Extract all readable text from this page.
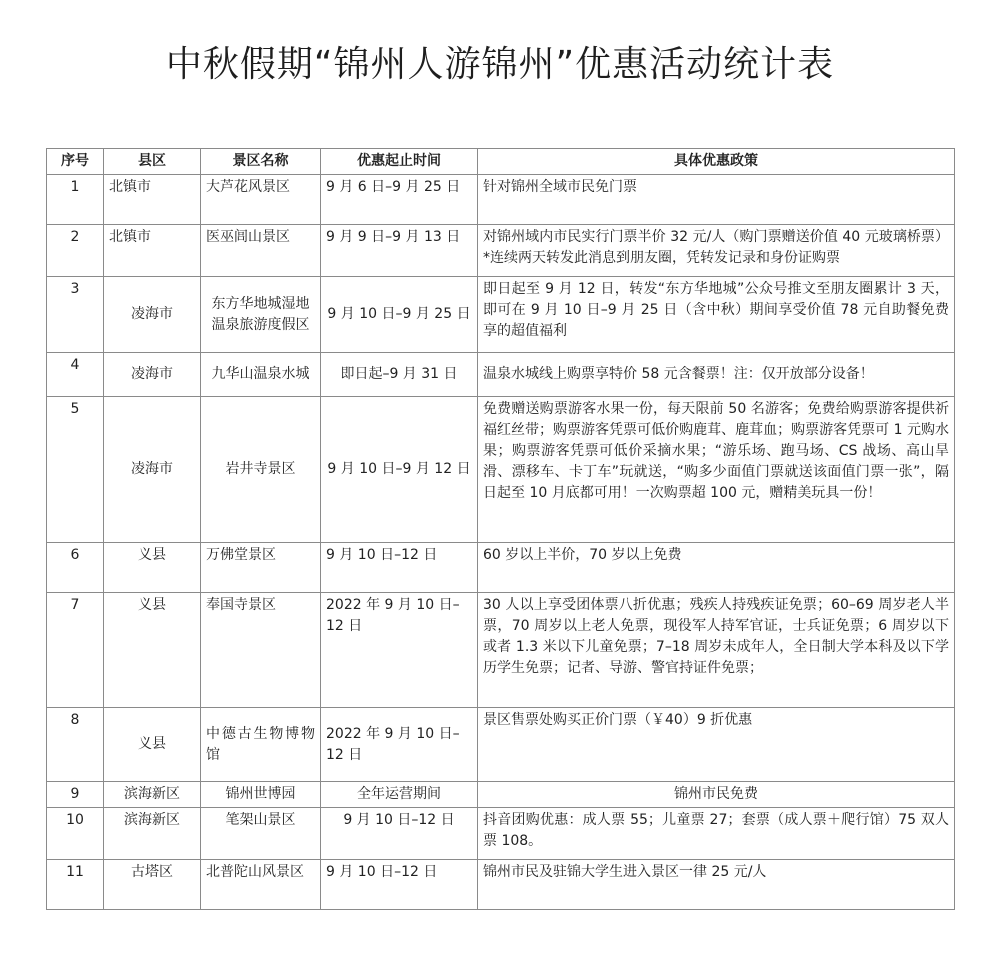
中秋假期“锦州人游锦州”优惠活动统计表
序号	县区	景区名称	优惠起止时间	具体优惠政策
1	北镇市	大芦花风景区	9 月 6 日–9 月 25 日	针对锦州全域市民免门票
2	北镇市	医巫闾山景区	9 月 9 日–9 月 13 日	对锦州域内市民实行门票半价 32 元/人（购门票赠送价值 40 元玻璃桥票）*连续两天转发此消息到朋友圈，凭转发记录和身份证购票
3	凌海市	东方华地城湿地温泉旅游度假区	9 月 10 日–9 月 25 日	即日起至 9 月 12 日，转发“东方华地城”公众号推文至朋友圈累计 3 天，即可在 9 月 10 日–9 月 25 日（含中秋）期间享受价值 78 元自助餐免费享的超值福利
4	凌海市	九华山温泉水城	即日起–9 月 31 日	温泉水城线上购票享特价 58 元含餐票！注：仅开放部分设备！
5	凌海市	岩井寺景区	9 月 10 日–9 月 12 日	免费赠送购票游客水果一份，每天限前 50 名游客；免费给购票游客提供祈福红丝带；购票游客凭票可低价购鹿茸、鹿茸血；购票游客凭票可 1 元购水果；购票游客凭票可低价采摘水果；“游乐场、跑马场、CS 战场、高山旱滑、漂移车、卡丁车”玩就送，“购多少面值门票就送该面值门票一张”，隔日起至 10 月底都可用！一次购票超 100 元，赠精美玩具一份！
6	义县	万佛堂景区	9 月 10 日–12 日	60 岁以上半价，70 岁以上免费
7	义县	奉国寺景区	2022 年 9 月 10 日–12 日	30 人以上享受团体票八折优惠；残疾人持残疾证免票；60–69 周岁老人半票，70 周岁以上老人免票，现役军人持军官证，士兵证免票；6 周岁以下或者 1.3 米以下儿童免票；7–18 周岁未成年人，全日制大学本科及以下学历学生免票；记者、导游、警官持证件免票；
8	义县	中德古生物博物馆	2022 年 9 月 10 日–12 日	景区售票处购买正价门票（￥40）9 折优惠
9	滨海新区	锦州世博园	全年运营期间	锦州市民免费
10	滨海新区	笔架山景区	9 月 10 日–12 日	抖音团购优惠：成人票 55；儿童票 27；套票（成人票＋爬行馆）75 双人票 108。
11	古塔区	北普陀山风景区	9 月 10 日–12 日	锦州市民及驻锦大学生进入景区一律 25 元/人
